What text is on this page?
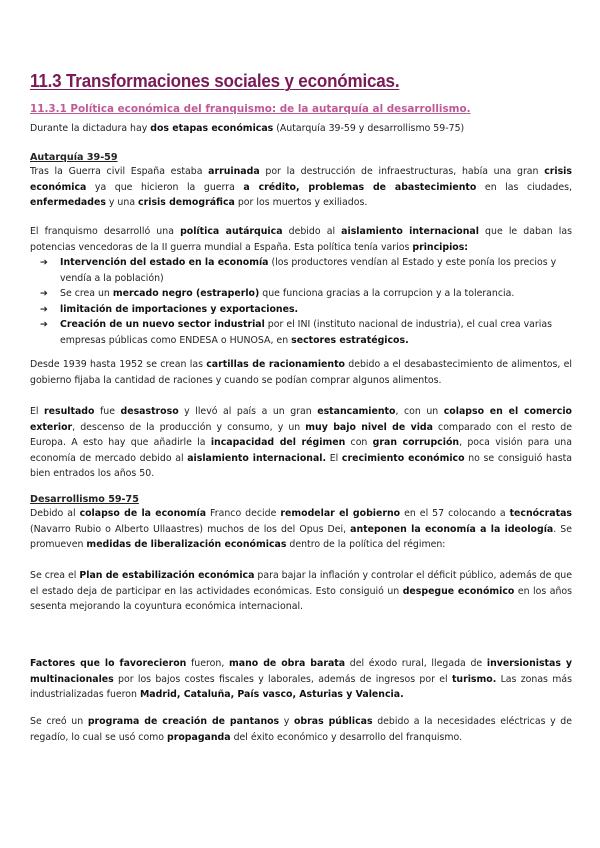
11.3 Transformaciones sociales y económicas.
11.3.1 Política económica del franquismo: de la autarquía al desarrollismo.

Durante la dictadura hay dos etapas económicas (Autarquía 39-59 y desarrollismo 59-75)

Autarquía 39-59

Tras la Guerra civil España estaba arruinada por la destrucción de infraestructuras, había una gran crisis económica ya que hicieron la guerra a crédito, problemas de abastecimiento en las ciudades, enfermedades y una crisis demográfica por los muertos y exiliados.

El franquismo desarrolló una política autárquica debido al aislamiento internacional que le daban las potencias vencedoras de la II guerra mundial a España. Esta política tenía varios principios:

➔ Intervención del estado en la economía (los productores vendían al Estado y este ponía los precios y vendía a la población)
➔ Se crea un mercado negro (estraperlo) que funciona gracias a la corrupcion y a la tolerancia.
➔ limitación de importaciones y exportaciones.
➔ Creación de un nuevo sector industrial por el INI (instituto nacional de industria), el cual crea varias empresas públicas como ENDESA o HUNOSA, en sectores estratégicos.

Desde 1939 hasta 1952 se crean las cartillas de racionamiento debido a el desabastecimiento de alimentos, el gobierno fijaba la cantidad de raciones y cuando se podían comprar algunos alimentos.

El resultado fue desastroso y llevó al país a un gran estancamiento, con un colapso en el comercio exterior, descenso de la producción y consumo, y un muy bajo nivel de vida comparado con el resto de Europa. A esto hay que añadirle la incapacidad del régimen con gran corrupción, poca visión para una economía de mercado debido al aislamiento internacional. El crecimiento económico no se consiguió hasta bien entrados los años 50.

Desarrollismo 59-75

Debido al colapso de la economía Franco decide remodelar el gobierno en el 57 colocando a tecnócratas (Navarro Rubio o Alberto Ullaastres) muchos de los del Opus Dei, anteponen la economía a la ideología. Se promueven medidas de liberalización económicas dentro de la política del régimen:

Se crea el Plan de estabilización económica para bajar la inflación y controlar el déficit público, además de que el estado deja de participar en las actividades económicas. Esto consiguió un despegue económico en los años sesenta mejorando la coyuntura económica internacional.

Factores que lo favorecieron fueron, mano de obra barata del éxodo rural, llegada de inversionistas y multinacionales por los bajos costes fiscales y laborales, además de ingresos por el turismo. Las zonas más industrializadas fueron Madrid, Cataluña, País vasco, Asturias y Valencia.

Se creó un programa de creación de pantanos y obras públicas debido a la necesidades eléctricas y de regadío, lo cual se usó como propaganda del éxito económico y desarrollo del franquismo.
